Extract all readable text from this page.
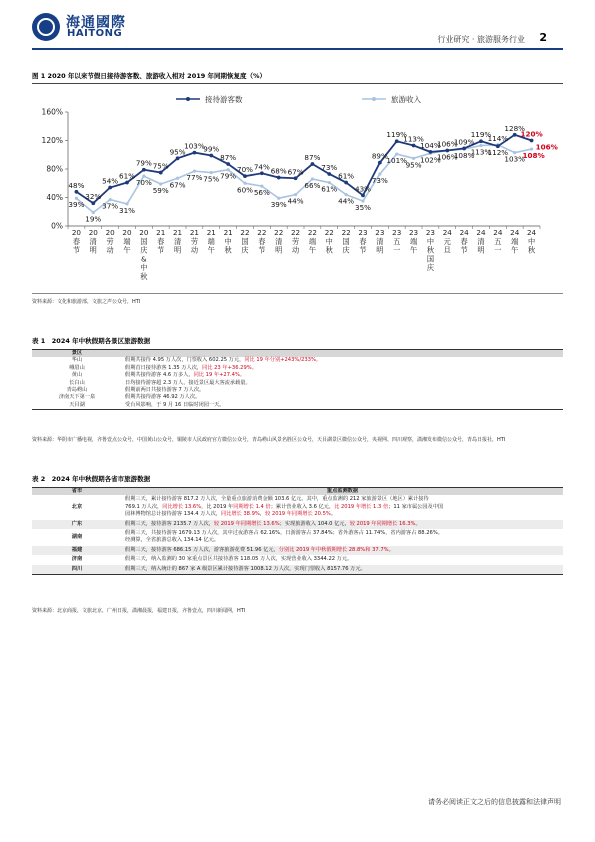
海通國際
HAITONG
行业研究 · 旅游服务行业 2
图 1 2020 年以来节假日接待游客数、旅游收入相对 2019 年同期恢复度（%）
0%
40%
80%
120%
160%
接待游客数	旅游收入
48%
39%
32%
19%
54%
37%
61%
31%
79%
70%
75%
59%
95%
67%
103%
77%
99%
75%
87%
79%
70%
60%
74%
56%
68%
39%
67%
44%
87%
66%
73%
61%
61%
44%
43%
35%
89%
73%
119%
101%
113%
95%
104%
102%
106%
106%
109%
108%
119%
113%
112%
114%
128%
103%
120%
108%
106%
20 春节
20 清明
20 劳动
20 端午
20 国庆&中秋
21 春节
21 清明
21 劳动
21 端午
21 中秋
22 国庆
22 春节
22 清明
22 劳动
22 端午
22 中秋
22 国庆
23 春节
23 清明
23 五一
23 端午
23 中秋国庆
24 元旦
24 春节
24 清明
24 五一
24 端午
24 中秋
资料来源：文化和旅游部，文旅之声公众号，HTI
表 1　2024 年中秋假期各景区旅游数据
景区	
华山	假期共接待 4.95 万人次，门票收入 602.25 万元，同比 19 年分别+243%/233%。
峨眉山	假期首日接待游客 1.35 万人次，同比 23 年+36.29%。
黄山	假期共接待游客 4.6 万多人，同比 19 年+27.4%。
长白山	日均接待游客超 2.3 万人，接近景区最大客流承载量。
青岛崂山	假期前两日共接待游客 7 万人次。
济南天下第一泉	假期共接待游客 46.92 万人次。
天目湖	受台风影响，于 9 月 16 日临时闭园一天。
资料来源：华阴市广播电视，齐鲁壹点公众号，中国黄山公众号，铜陵市人民政府官方微信公众号，青岛崂山风景名胜区公众号，天目湖景区微信公众号，央视网、四川观察，潇湘发布微信公众号，青岛日报社，HTI
表 2　2024 年中秋假期各省市旅游数据
省市	重点监测数据
北京	假期三天，累计接待游客 817.2 万人次，全量重点旅游消费金额 103.6 亿元。其中，重点监测的 212 家旅游景区（地区）累计接待
769.1 万人次，同比增长 13.6%，比 2019 年同期增长 1.4 倍；累计营业收入 3.6 亿元，比 2019 年增长 1.3 倍；11 家市属公园及中国
园林博物馆总计接待游客 134.4 万人次，同比增长 38.9%，较 2019 年同期增长 20.5%。

广东	假期三天，接待游客 2135.7 万人次，较 2019 年同期增长 13.6%；实现旅游收入 104.0 亿元，较 2019 年同期增长 16.3%。

湖南	假期三天，共接待游客 1679.13 万人次，其中过夜游客占 62.16%，日游游客占 37.84%；省外游客占 11.74%，省内游客占 88.26%。
经测算，全省旅游总收入 134.14 亿元。

福建	假期三天，接待游客 686.15 万人次，游客旅游花费 51.96 亿元，分别比 2019 年中秋假期增长 28.8%和 37.7%。

济南	假期三天，纳入监测的 30 家重点景区共接待游客 118.05 万人次，实现营业收入 3344.22 万元。

四川	假期三天，纳入统计的 867 家 A 级景区累计接待游客 1008.12 万人次，实现门票收入 8157.76 万元。
资料来源：北京商报，文旅北京，广州日报，潇湘晨报，福建日报，齐鲁壹点，四川新闻网，HTI
请务必阅读正文之后的信息披露和法律声明
